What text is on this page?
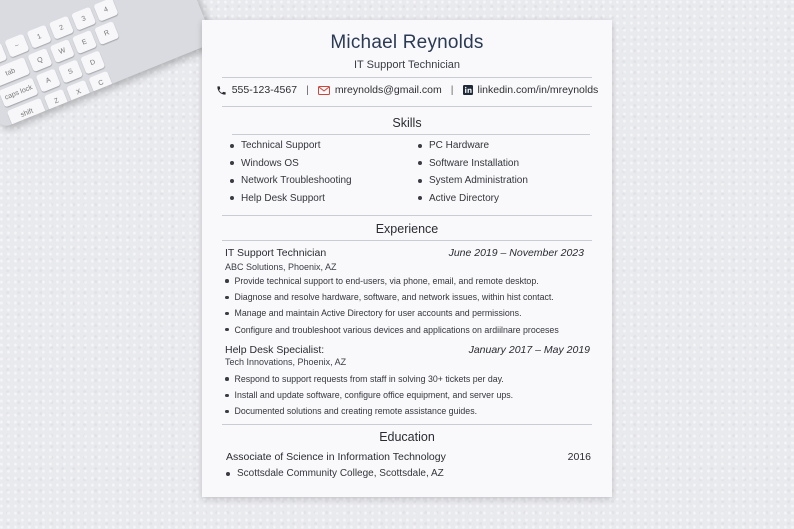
~
1
2
3
4
tab
Q
W
E
R
caps lock
A
S
D
shift
Z
X
C
Michael Reynolds
IT Support Technician
555-123-4567 | mreynolds@gmail.com | linkedin.com/in/mreynolds
Skills
Technical Support	PC Hardware
Windows OS	Software Installation
Network Troubleshooting	System Administration
Help Desk Support	Active Directory
Experience
IT Support Technician	June 2019 – November 2023
ABC Solutions, Phoenix, AZ
Provide technical support to end-users, via phone, email, and remote desktop.
Diagnose and resolve hardware, software, and network issues, within hist contact.
Manage and maintain Active Directory for user accounts and permissions.
Configure and troubleshoot various devices and applications on ardiilnare proceses
Help Desk Specialist:	January 2017 – May 2019
Tech Innovations, Phoenix, AZ
Respond to support requests from staff in solving 30+ tickets per day.
Install and update software, configure office equipment, and server ups.
Documented solutions and creating remote assistance guides.
Education
Associate of Science in Information Technology	2016
Scottsdale Community College, Scottsdale, AZ
